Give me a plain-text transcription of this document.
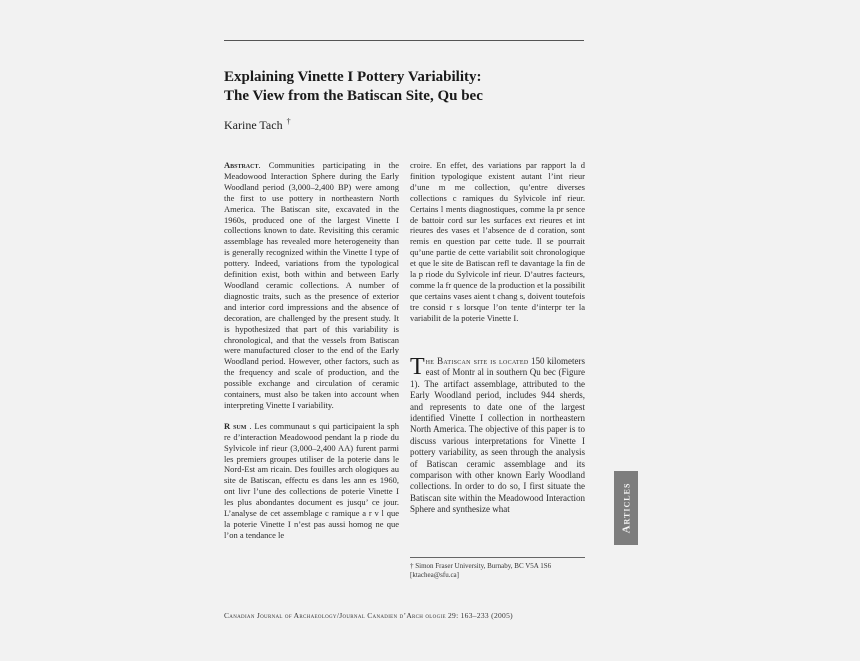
Explaining Vinette I Pottery Variability:
The View from the Batiscan Site, Qu bec
Karine Tach †

Abstract. Communities participating in the Meadowood Interaction Sphere during the Early Woodland period (3,000–2,400 BP) were among the first to use pottery in northeastern North America. The Batiscan site, excavated in the 1960s, produced one of the largest Vinette I collections known to date. Revisiting this ceramic assemblage has revealed more heterogeneity than is generally recognized within the Vinette I type of pottery. Indeed, variations from the typological definition exist, both within and between Early Woodland ceramic collections. A number of diagnostic traits, such as the presence of exterior and interior cord impressions and the absence of decoration, are challenged by the present study. It is hypothesized that part of this variability is chronological, and that the vessels from Batiscan were manufactured closer to the end of the Early Woodland period. However, other factors, such as the frequency and scale of production, and the possible exchange and circulation of ceramic containers, must also be taken into account when interpreting Vinette I variability.

R sum . Les communaut s qui participaient la sph re d’interaction Meadowood pendant la p riode du Sylvicole inf rieur (3,000–2,400 AA) furent parmi les premiers groupes utiliser de la poterie dans le Nord-Est am ricain. Des fouilles arch ologiques au site de Batiscan, effectu es dans les ann es 1960, ont livr l’une des collections de poterie Vinette I les plus abondantes document es jusqu’ ce jour. L’analyse de cet assemblage c ramique a r v l que la poterie Vinette I n’est pas aussi homog ne que l’on a tendance le

croire. En effet, des variations par rapport la d finition typologique existent autant l’int rieur d’une m me collection, qu’entre diverses collections c ramiques du Sylvicole inf rieur. Certains l ments diagnostiques, comme la pr sence de battoir cord sur les surfaces ext rieures et int rieures des vases et l’absence de d coration, sont remis en question par cette tude. Il se pourrait qu’une partie de cette variabilit soit chronologique et que le site de Batiscan refl te davantage la fin de la p riode du Sylvicole inf rieur. D’autres facteurs, comme la fr quence de la production et la possibilit que certains vases aient t chang s, doivent toutefois tre consid r s lorsque l’on tente d’interpr ter la variabilit de la poterie Vinette I.

The Batiscan site is located 150 kilometers east of Montr al in southern Qu bec (Figure 1). The artifact assemblage, attributed to the Early Woodland period, includes 944 sherds, and represents to date one of the largest identified Vinette I collection in northeastern North America. The objective of this paper is to discuss various interpretations for Vinette I pottery variability, as seen through the analysis of Batiscan ceramic assemblage and its comparison with other known Early Woodland collections. In order to do so, I first situate the Batiscan site within the Meadowood Interaction Sphere and synthesize what
† Simon Fraser University, Burnaby, BC V5A 1S6 [ktachea@sfu.ca]
Canadian Journal of Archaeology/Journal Canadien d’Arch ologie 29: 163–233 (2005)
Articles
